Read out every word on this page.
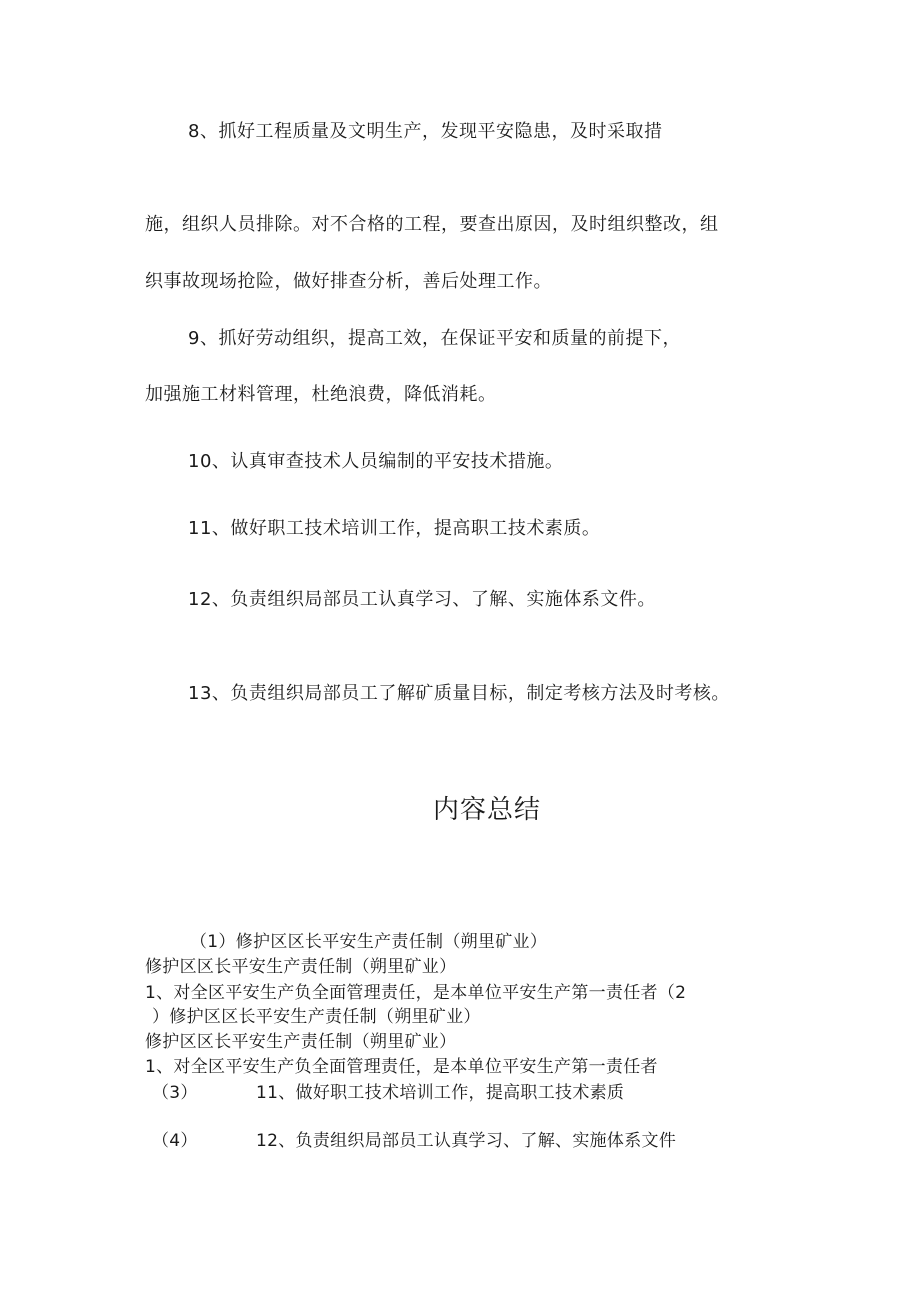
8、抓好工程质量及文明生产，发现平安隐患，及时采取措
施，组织人员排除。对不合格的工程，要查出原因，及时组织整改，组
织事故现场抢险，做好排查分析，善后处理工作。
9、抓好劳动组织，提高工效，在保证平安和质量的前提下，
加强施工材料管理，杜绝浪费，降低消耗。
10、认真审查技术人员编制的平安技术措施。
11、做好职工技术培训工作，提高职工技术素质。
12、负责组织局部员工认真学习、了解、实施体系文件。
13、负责组织局部员工了解矿质量目标，制定考核方法及时考核。
内容总结
（1）修护区区长平安生产责任制（朔里矿业）
修护区区长平安生产责任制（朔里矿业）
1、对全区平安生产负全面管理责任，是本单位平安生产第一责任者（2
）修护区区长平安生产责任制（朔里矿业）
修护区区长平安生产责任制（朔里矿业）
1、对全区平安生产负全面管理责任，是本单位平安生产第一责任者
（3）	11、做好职工技术培训工作，提高职工技术素质
（4）	12、负责组织局部员工认真学习、了解、实施体系文件
